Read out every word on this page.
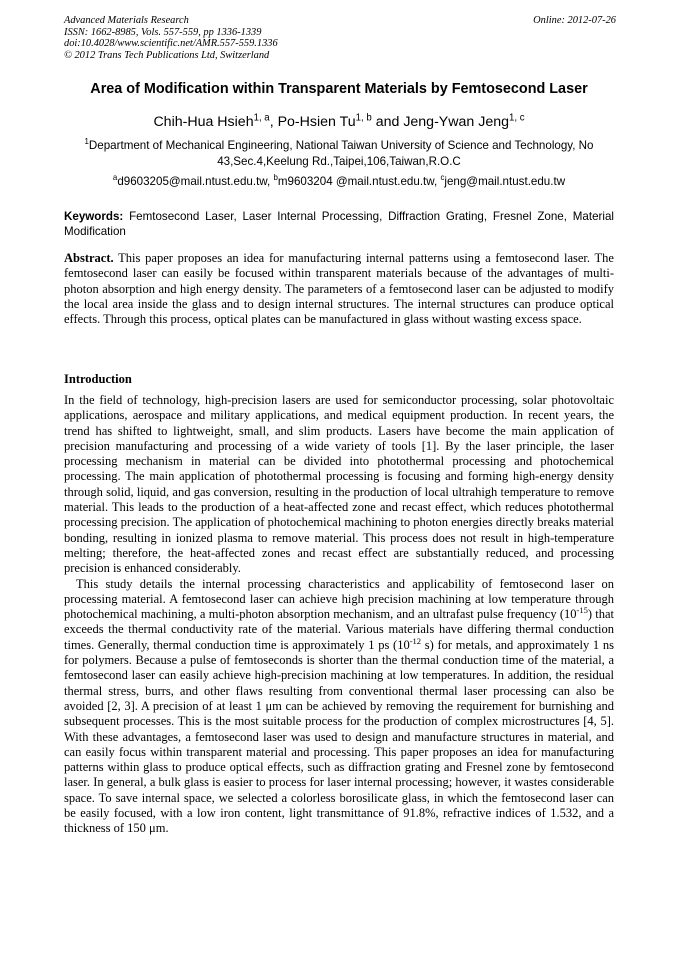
Advanced Materials Research
ISSN: 1662-8985, Vols. 557-559, pp 1336-1339
doi:10.4028/www.scientific.net/AMR.557-559.1336
© 2012 Trans Tech Publications Ltd, Switzerland
Online: 2012-07-26
Area of Modification within Transparent Materials by Femtosecond Laser
Chih-Hua Hsieh$^{1, a}$, Po-Hsien Tu$^{1, b}$ and Jeng-Ywan Jeng$^{1, c}$
$^1$Department of Mechanical Engineering, National Taiwan University of Science and Technology, No 43,Sec.4,Keelung Rd.,Taipei,106,Taiwan,R.O.C
$^a$d9603205@mail.ntust.edu.tw, $^b$m9603204 @mail.ntust.edu.tw, $^c$jeng@mail.ntust.edu.tw
Keywords: Femtosecond Laser, Laser Internal Processing, Diffraction Grating, Fresnel Zone, Material Modification
Abstract. This paper proposes an idea for manufacturing internal patterns using a femtosecond laser. The femtosecond laser can easily be focused within transparent materials because of the advantages of multi-photon absorption and high energy density. The parameters of a femtosecond laser can be adjusted to modify the local area inside the glass and to design internal structures. The internal structures can produce optical effects. Through this process, optical plates can be manufactured in glass without wasting excess space.
Introduction

In the field of technology, high-precision lasers are used for semiconductor processing, solar photovoltaic applications, aerospace and military applications, and medical equipment production. In recent years, the trend has shifted to lightweight, small, and slim products. Lasers have become the main application of precision manufacturing and processing of a wide variety of tools [1]. By the laser principle, the laser processing mechanism in material can be divided into photothermal processing and photochemical processing. The main application of photothermal processing is focusing and forming high-energy density through solid, liquid, and gas conversion, resulting in the production of local ultrahigh temperature to remove material. This leads to the production of a heat-affected zone and recast effect, which reduces photothermal processing precision. The application of photochemical machining to photon energies directly breaks material bonding, resulting in ionized plasma to remove material. This process does not result in high-temperature melting; therefore, the heat-affected zones and recast effect are substantially reduced, and processing precision is enhanced considerably.

This study details the internal processing characteristics and applicability of femtosecond laser on processing material. A femtosecond laser can achieve high precision machining at low temperature through photochemical machining, a multi-photon absorption mechanism, and an ultrafast pulse frequency $(10^{-15})$ that exceeds the thermal conductivity rate of the material. Various materials have differing thermal conduction times. Generally, thermal conduction time is approximately 1 ps ($10^{-12}$ s) for metals, and approximately 1 ns for polymers. Because a pulse of femtoseconds is shorter than the thermal conduction time of the material, a femtosecond laser can easily achieve high-precision machining at low temperatures. In addition, the residual thermal stress, burrs, and other flaws resulting from conventional thermal laser processing can also be avoided [2, 3]. A precision of at least 1 μm can be achieved by removing the requirement for burnishing and subsequent processes. This is the most suitable process for the production of complex microstructures [4, 5]. With these advantages, a femtosecond laser was used to design and manufacture structures in material, and can easily focus within transparent material and processing. This paper proposes an idea for manufacturing patterns within glass to produce optical effects, such as diffraction grating and Fresnel zone by femtosecond laser. In general, a bulk glass is easier to process for laser internal processing; however, it wastes considerable space. To save internal space, we selected a colorless borosilicate glass, in which the femtosecond laser can be easily focused, with a low iron content, light transmittance of 91.8%, refractive indices of 1.532, and a thickness of 150 μm.
